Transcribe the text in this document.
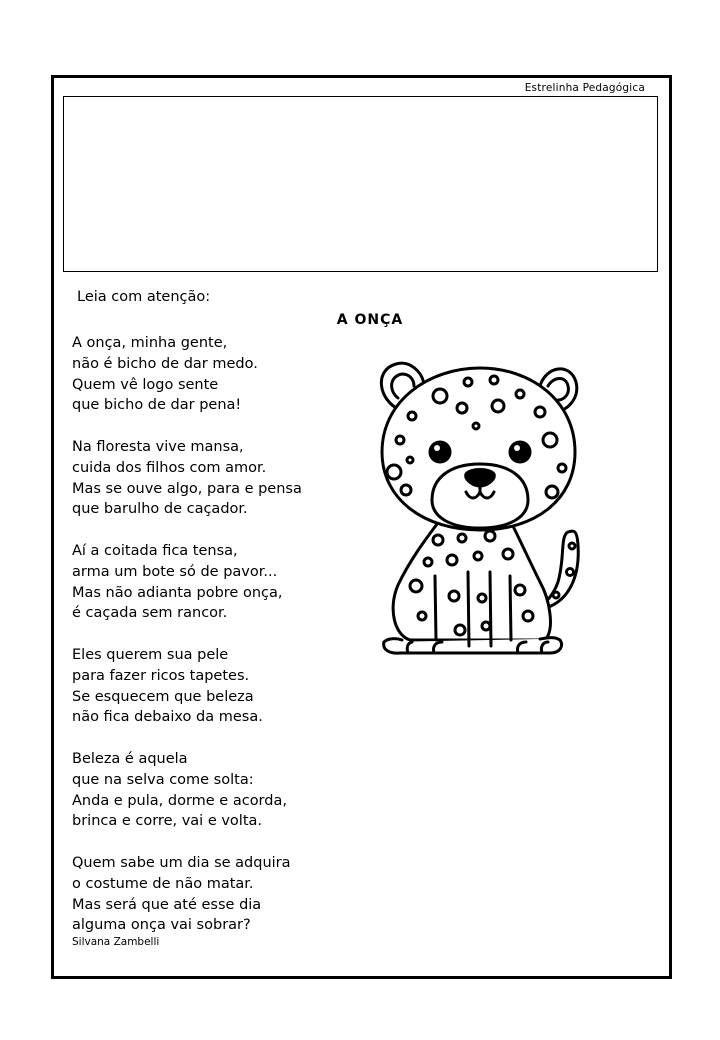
Estrelinha Pedagógica
Leia com atenção:
A ONÇA
A onça, minha gente,
não é bicho de dar medo.
Quem vê logo sente
que bicho de dar pena!
Na floresta vive mansa,
cuida dos filhos com amor.
Mas se ouve algo, para e pensa
que barulho de caçador.
Aí a coitada fica tensa,
arma um bote só de pavor...
Mas não adianta pobre onça,
é caçada sem rancor.
Eles querem sua pele
para fazer ricos tapetes.
Se esquecem que beleza
não fica debaixo da mesa.
Beleza é aquela
que na selva come solta:
Anda e pula, dorme e acorda,
brinca e corre, vai e volta.
Quem sabe um dia se adquira
o costume de não matar.
Mas será que até esse dia
alguma onça vai sobrar?
Silvana Zambelli
